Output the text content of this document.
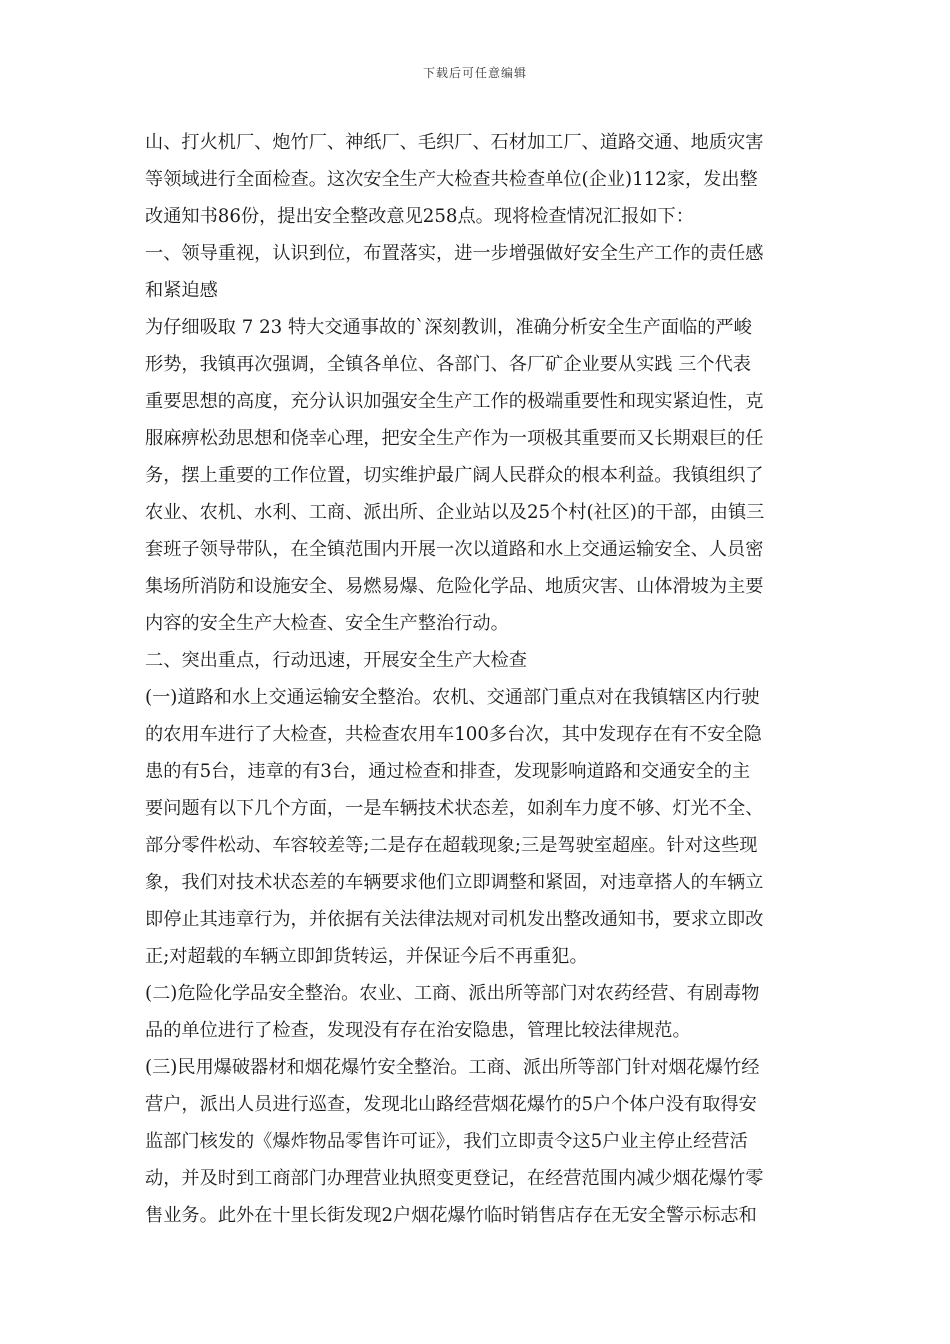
下载后可任意编辑
山、打火机厂、炮竹厂、神纸厂、毛织厂、石材加工厂、道路交通、地质灾害
等领域进行全面检查。这次安全生产大检查共检查单位(企业)112家，发出整
改通知书86份，提出安全整改意见258点。现将检查情况汇报如下：
一、领导重视，认识到位，布置落实，进一步增强做好安全生产工作的责任感
和紧迫感
为仔细吸取 7 23 特大交通事故的`深刻教训，准确分析安全生产面临的严峻
形势，我镇再次强调，全镇各单位、各部门、各厂矿企业要从实践 三个代表
重要思想的高度，充分认识加强安全生产工作的极端重要性和现实紧迫性，克
服麻痹松劲思想和侥幸心理，把安全生产作为一项极其重要而又长期艰巨的任
务，摆上重要的工作位置，切实维护最广阔人民群众的根本利益。我镇组织了
农业、农机、水利、工商、派出所、企业站以及25个村(社区)的干部，由镇三
套班子领导带队，在全镇范围内开展一次以道路和水上交通运输安全、人员密
集场所消防和设施安全、易燃易爆、危险化学品、地质灾害、山体滑坡为主要
内容的安全生产大检查、安全生产整治行动。
二、突出重点，行动迅速，开展安全生产大检查
(一)道路和水上交通运输安全整治。农机、交通部门重点对在我镇辖区内行驶
的农用车进行了大检查，共检查农用车100多台次，其中发现存在有不安全隐
患的有5台，违章的有3台，通过检查和排查，发现影响道路和交通安全的主
要问题有以下几个方面，一是车辆技术状态差，如刹车力度不够、灯光不全、
部分零件松动、车容较差等;二是存在超载现象;三是驾驶室超座。针对这些现
象，我们对技术状态差的车辆要求他们立即调整和紧固，对违章搭人的车辆立
即停止其违章行为，并依据有关法律法规对司机发出整改通知书，要求立即改
正;对超载的车辆立即卸货转运，并保证今后不再重犯。
(二)危险化学品安全整治。农业、工商、派出所等部门对农药经营、有剧毒物
品的单位进行了检查，发现没有存在治安隐患，管理比较法律规范。
(三)民用爆破器材和烟花爆竹安全整治。工商、派出所等部门针对烟花爆竹经
营户，派出人员进行巡查，发现北山路经营烟花爆竹的5户个体户没有取得安
监部门核发的《爆炸物品零售许可证》，我们立即责令这5户业主停止经营活
动，并及时到工商部门办理营业执照变更登记，在经营范围内减少烟花爆竹零
售业务。此外在十里长街发现2户烟花爆竹临时销售店存在无安全警示标志和
